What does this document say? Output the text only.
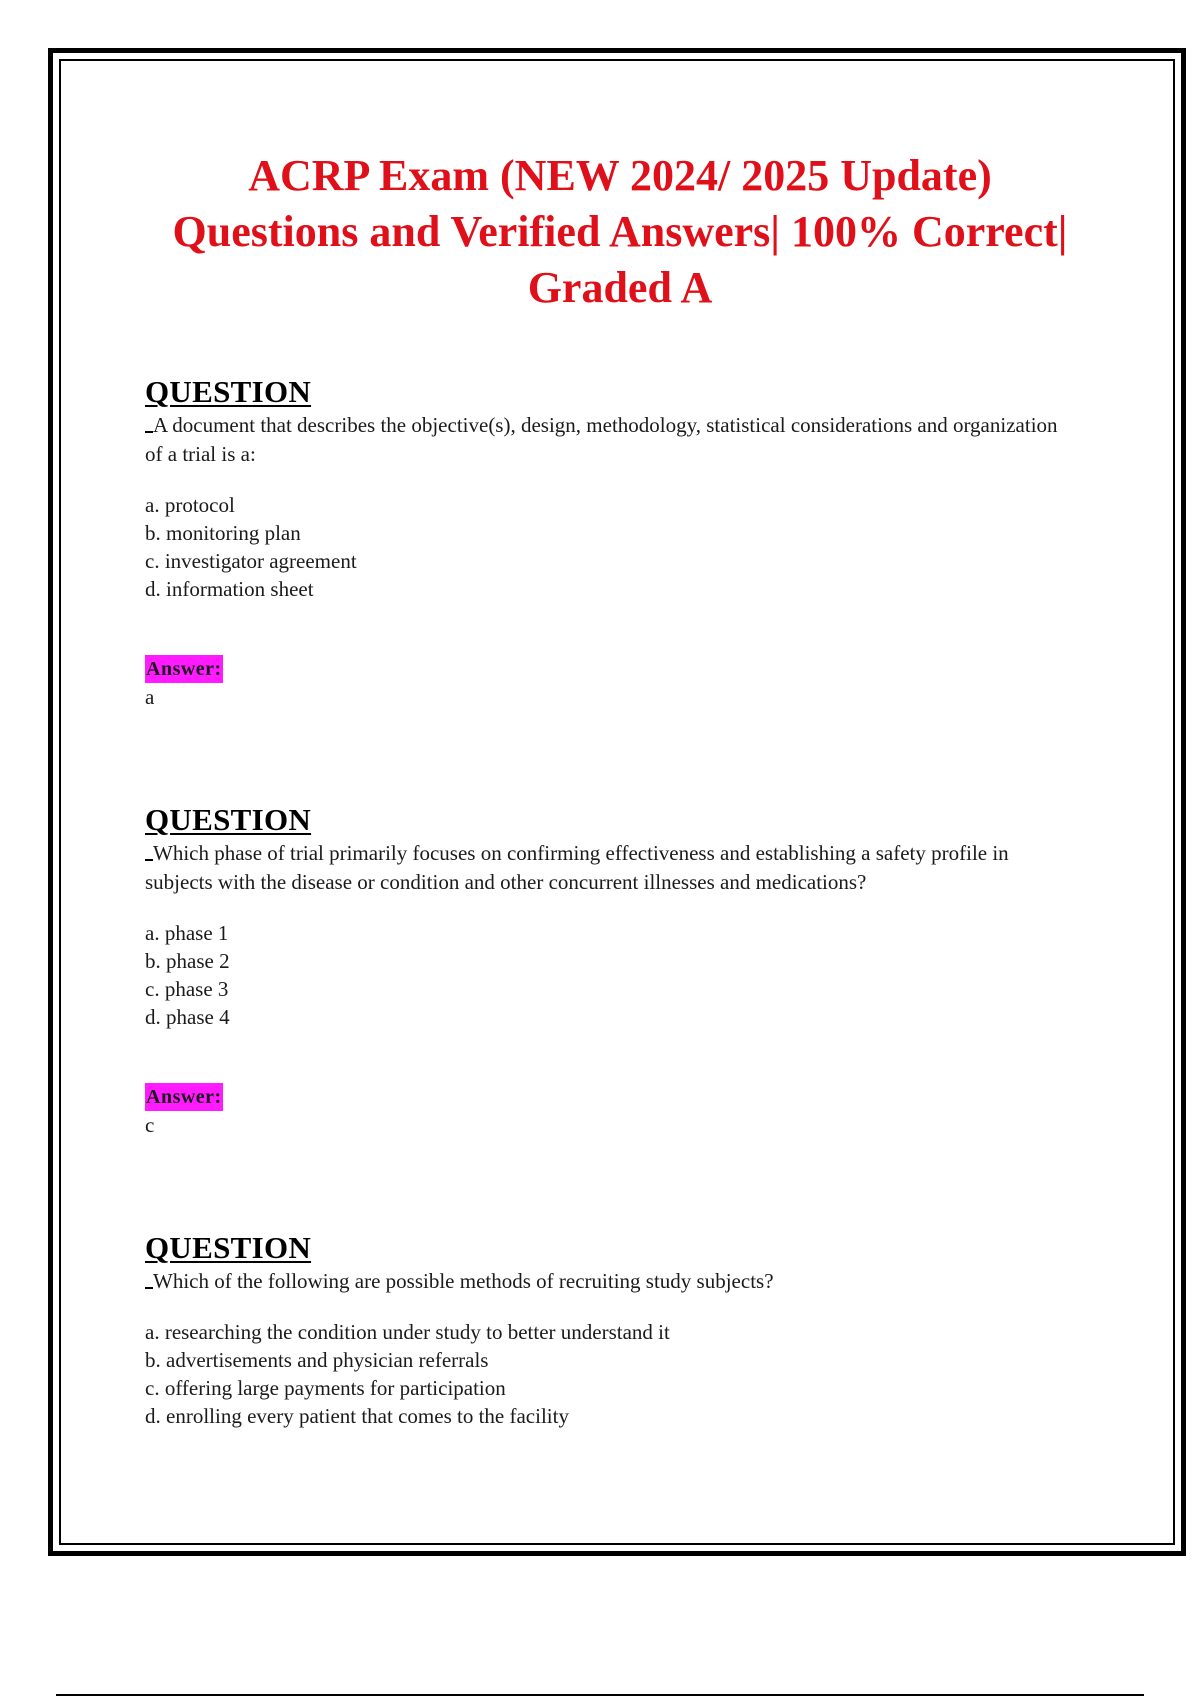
ACRP Exam (NEW 2024/ 2025 Update) Questions and Verified Answers| 100% Correct| Graded A
QUESTION

A document that describes the objective(s), design, methodology, statistical considerations and organization of a trial is a:

a. protocol
b. monitoring plan
c. investigator agreement
d. information sheet
Answer:

a

QUESTION

Which phase of trial primarily focuses on confirming effectiveness and establishing a safety profile in subjects with the disease or condition and other concurrent illnesses and medications?

a. phase 1
b. phase 2
c. phase 3
d. phase 4
Answer:

c

QUESTION

Which of the following are possible methods of recruiting study subjects?

a. researching the condition under study to better understand it
b. advertisements and physician referrals
c. offering large payments for participation
d. enrolling every patient that comes to the facility
